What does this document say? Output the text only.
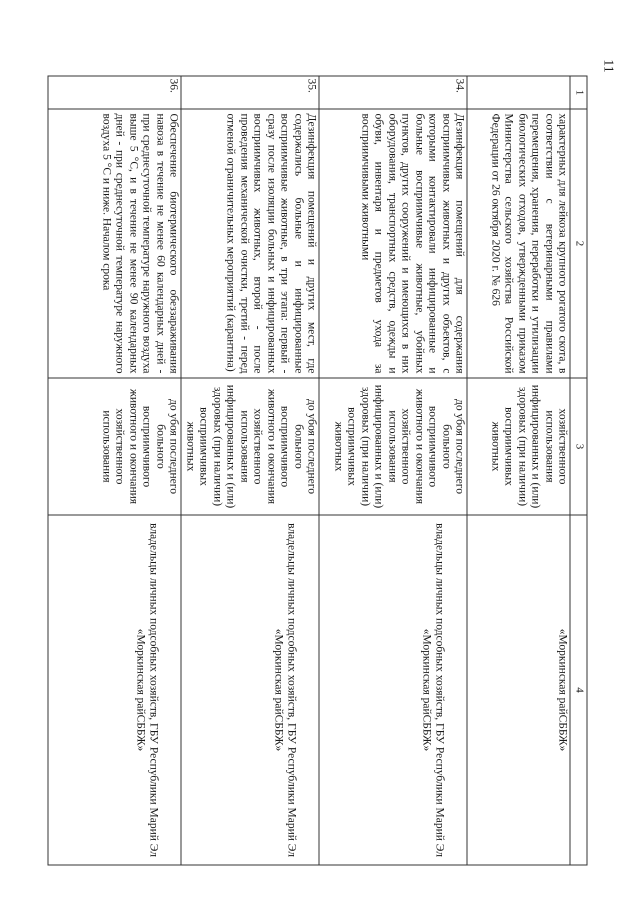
11
1	2	3	4
	характерных для лейкоза крупного рогатого скота, в соответствии с ветеринарными правилами перемещения, хранения, переработки и утилизации биологических отходов, утвержденными приказом Министерства сельского хозяйства Российской Федерации от 26 октября 2020 г. № 626	хозяйственного использования инфицированных и (или) здоровых (при наличии) восприимчивых животных	«Моркинская райСББЖ»

34.	Дезинфекция помещений для содержания восприимчивых животных и других объектов, с которыми контактировали инфицированные и больные восприимчивые животные, убойных пунктов, других сооружений и имеющихся в них оборудования, транспортных средств, одежды и обуви, инвентаря и предметов ухода за восприимчивыми животными	до убоя последнего больного восприимчивого животного и окончания хозяйственного использования инфицированных и (или) здоровых (при наличии) восприимчивых животных	владельцы личных подсобных хозяйств, ГБУ Республики Марий Эл «Моркинская райСББЖ»

35.	Дезинфекция помещений и других мест, где содержались больные и инфицированные восприимчивые животные, в три этапа: первый - сразу после изоляции больных и инфицированных восприимчивых животных, второй - после проведения механической очистки, третий - перед отменой ограничительных мероприятий (карантина)	до убоя последнего больного восприимчивого животного и окончания хозяйственного использования инфицированных и (или) здоровых (при наличии) восприимчивых животных	владельцы личных подсобных хозяйств, ГБУ Республики Марий Эл «Моркинская райСББЖ»

36.	Обеспечение биотермического обеззараживания навоза в течение не менее 60 календарных дней - при среднесуточной температуре наружного воздуха выше 5 °С, и в течение не менее 90 календарных дней - при среднесуточной температуре наружного воздуха 5 °С и ниже. Началом срока	до убоя последнего больного восприимчивого животного и окончания хозяйственного использования	владельцы личных подсобных хозяйств, ГБУ Республики Марий Эл «Моркинская райСББЖ»
